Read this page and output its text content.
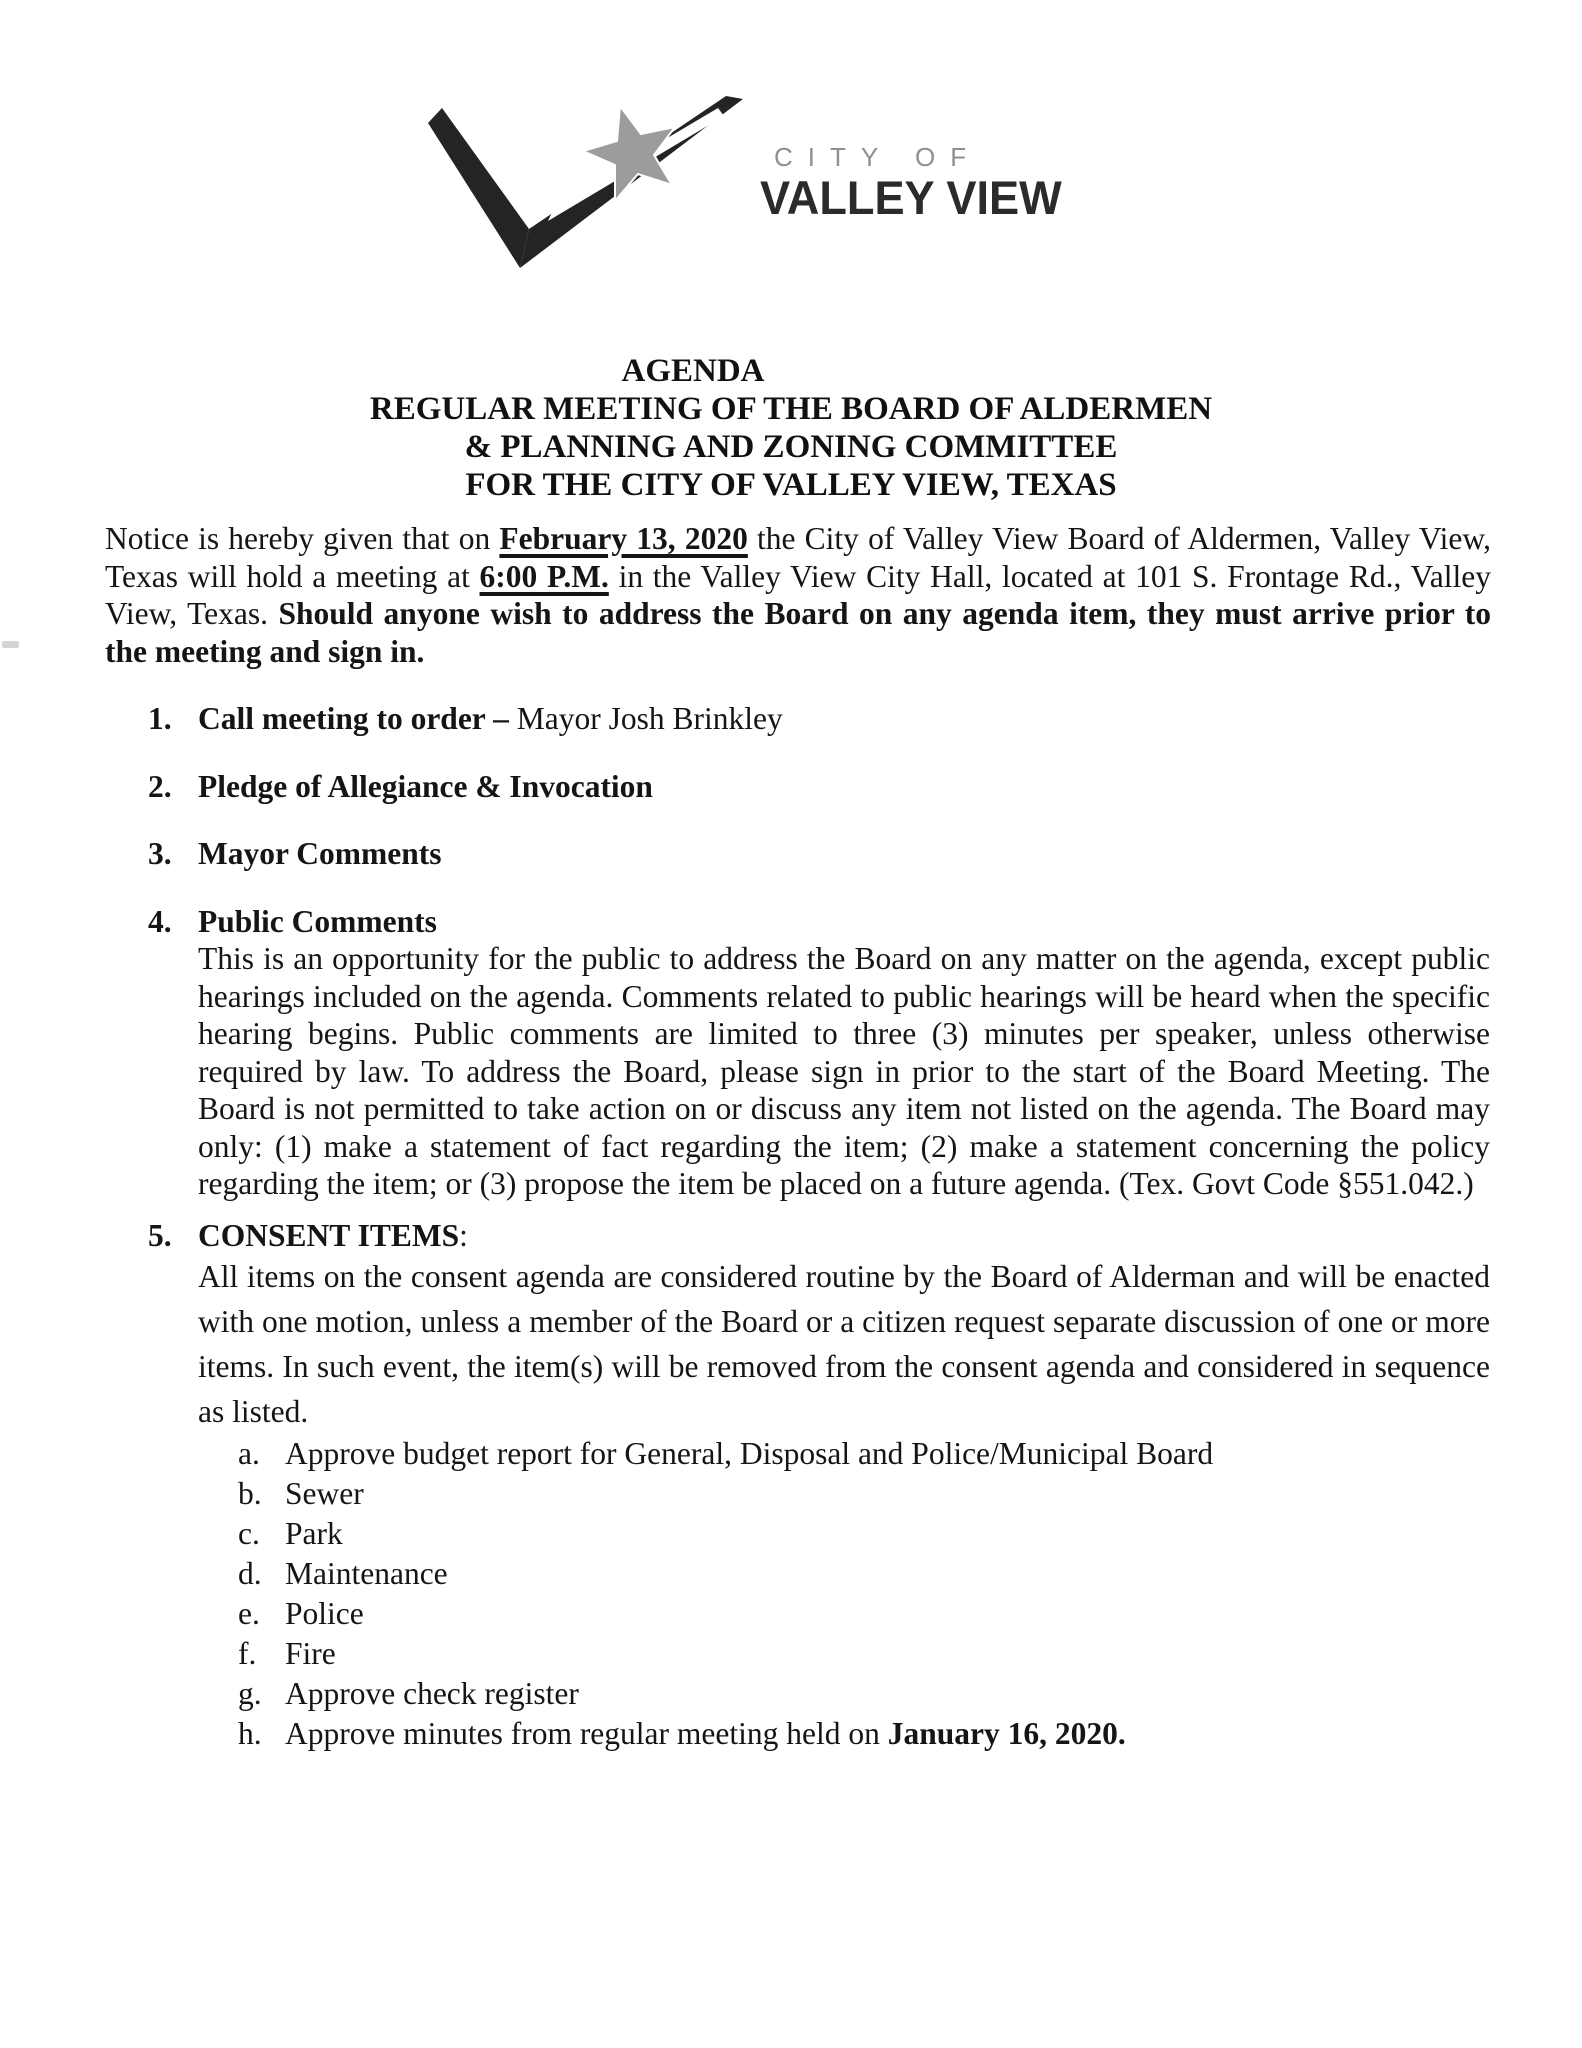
CITY OF
VALLEY VIEW
AGENDA
REGULAR MEETING OF THE BOARD OF ALDERMEN
& PLANNING AND ZONING COMMITTEE
FOR THE CITY OF VALLEY VIEW, TEXAS
Notice is hereby given that on February 13, 2020 the City of Valley View Board of Aldermen, Valley View, Texas will hold a meeting at 6:00 P.M. in the Valley View City Hall, located at 101 S. Frontage Rd., Valley View, Texas. Should anyone wish to address the Board on any agenda item, they must arrive prior to the meeting and sign in.
1. Call meeting to order – Mayor Josh Brinkley
2. Pledge of Allegiance & Invocation
3. Mayor Comments
4. Public Comments
This is an opportunity for the public to address the Board on any matter on the agenda, except public hearings included on the agenda. Comments related to public hearings will be heard when the specific hearing begins. Public comments are limited to three (3) minutes per speaker, unless otherwise required by law. To address the Board, please sign in prior to the start of the Board Meeting. The Board is not permitted to take action on or discuss any item not listed on the agenda. The Board may only: (1) make a statement of fact regarding the item; (2) make a statement concerning the policy regarding the item; or (3) propose the item be placed on a future agenda. (Tex. Govt Code §551.042.)
5. CONSENT ITEMS:
All items on the consent agenda are considered routine by the Board of Alderman and will be enacted with one motion, unless a member of the Board or a citizen request separate discussion of one or more items. In such event, the item(s) will be removed from the consent agenda and considered in sequence as listed.
a. Approve budget report for General, Disposal and Police/Municipal Board
b. Sewer
c. Park
d. Maintenance
e. Police
f. Fire
g. Approve check register
h. Approve minutes from regular meeting held on January 16, 2020.
